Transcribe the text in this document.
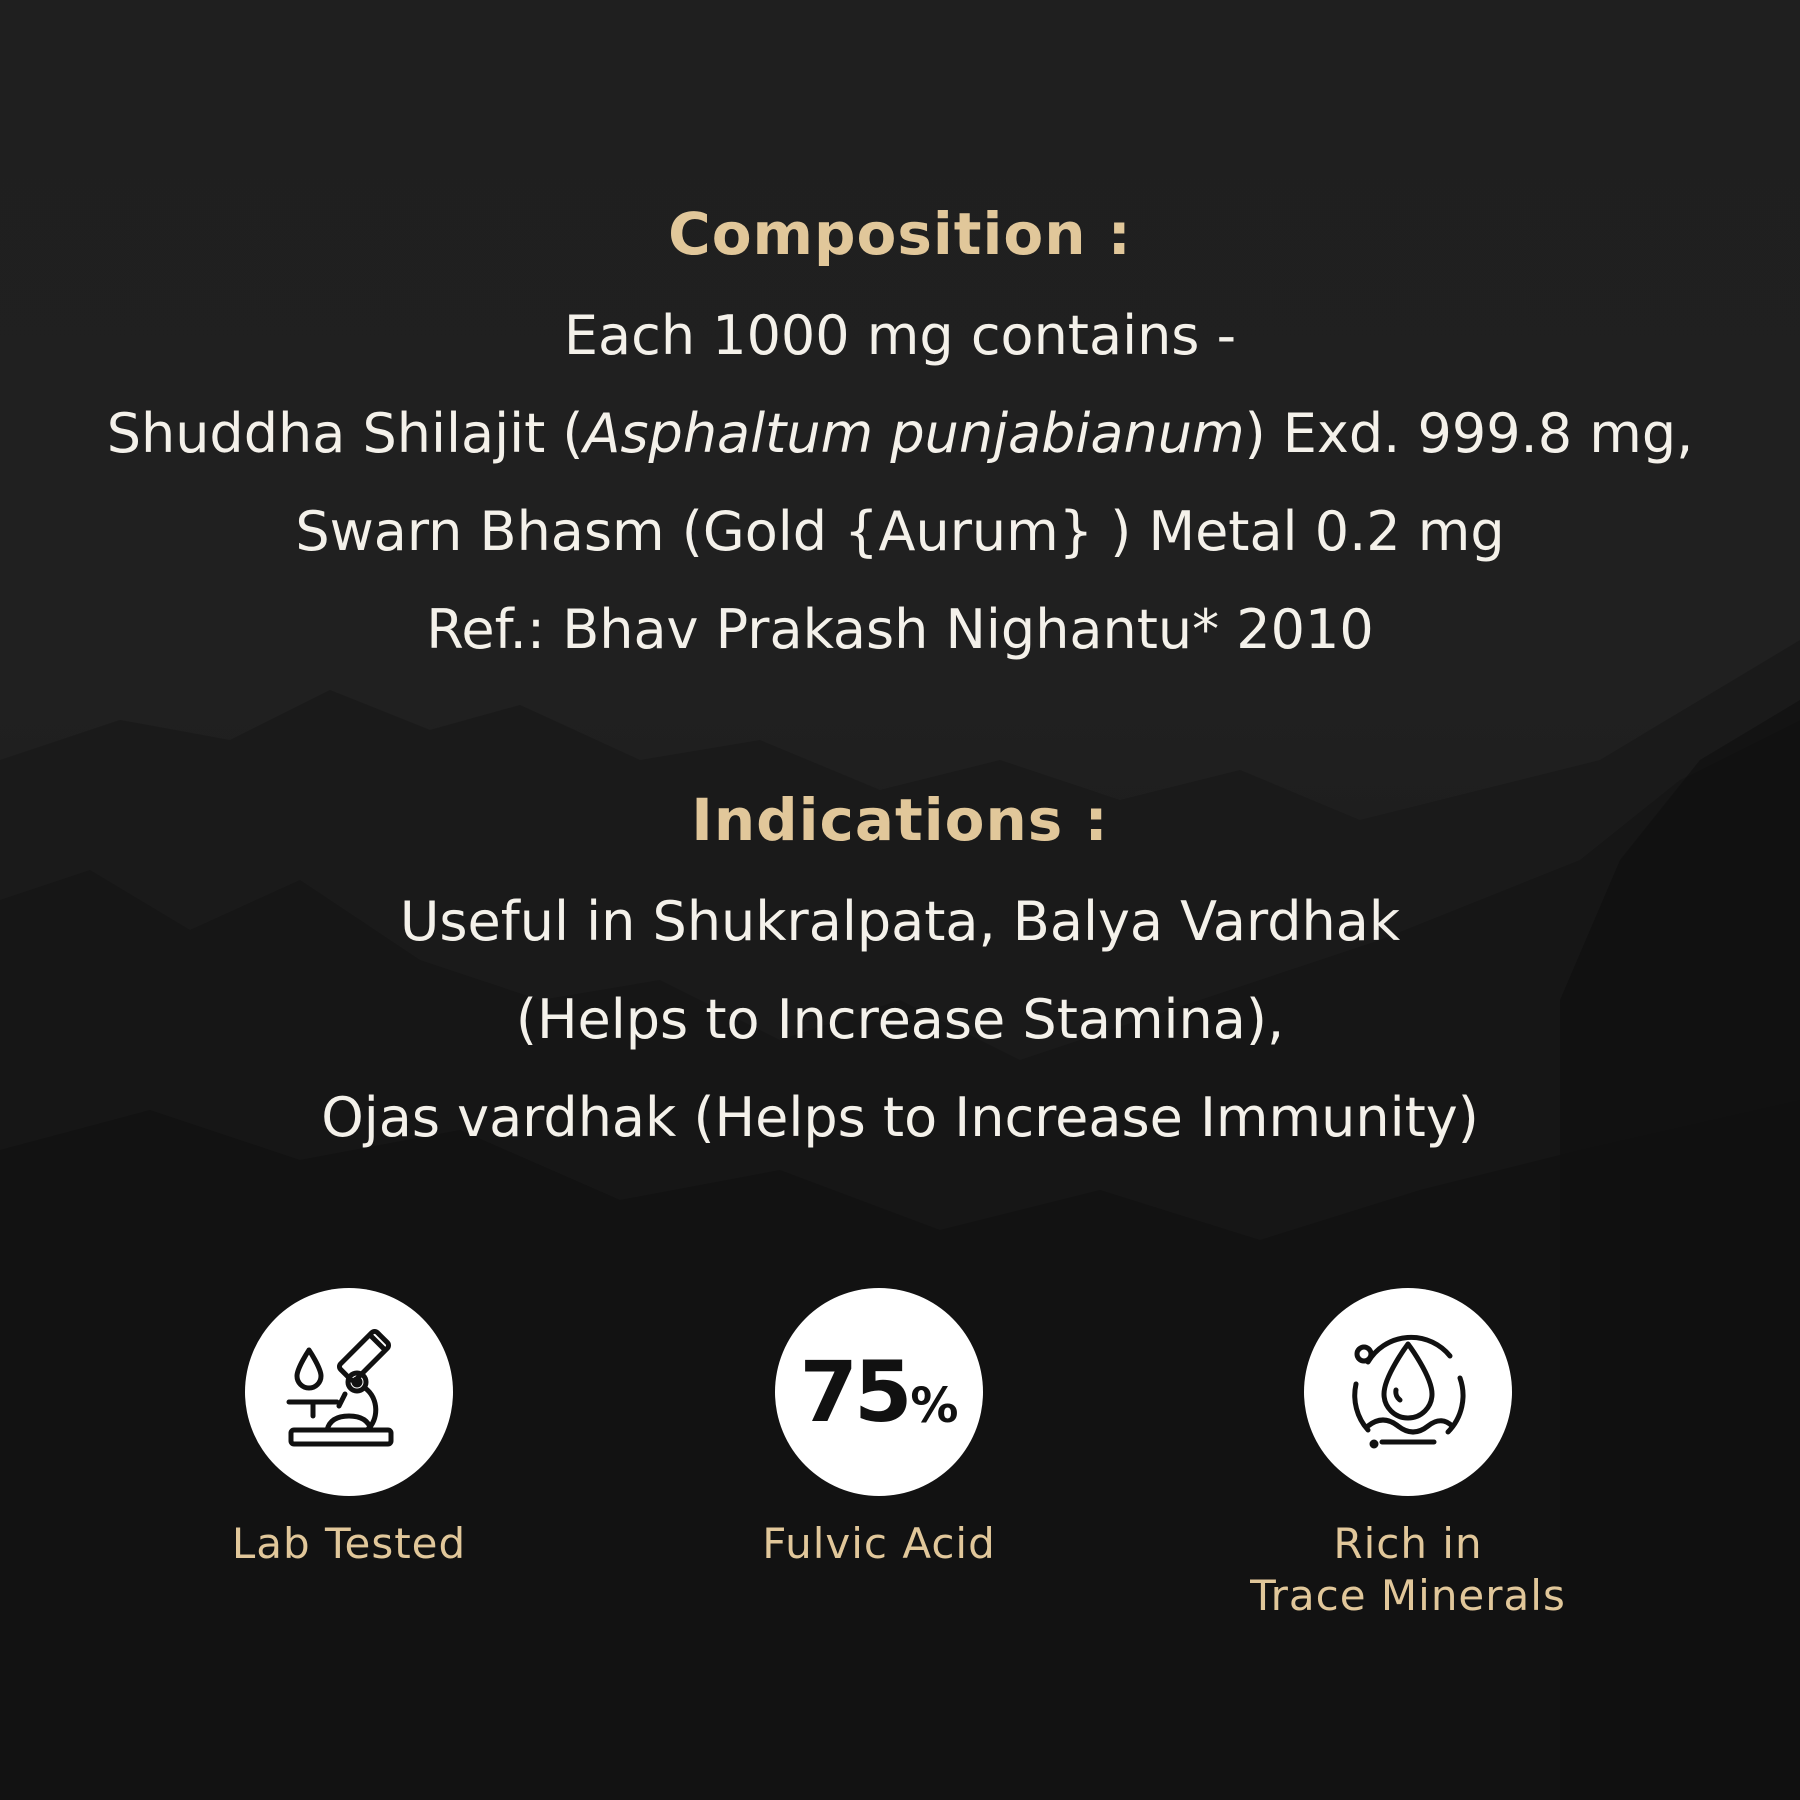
Composition :
Each 1000 mg contains -
Shuddha Shilajit (Asphaltum punjabianum) Exd. 999.8 mg,
Swarn Bhasm (Gold {Aurum} ) Metal 0.2 mg
Ref.: Bhav Prakash Nighantu* 2010
Indications :
Useful in Shukralpata, Balya Vardhak
(Helps to Increase Stamina),
Ojas vardhak (Helps to Increase Immunity)
Lab Tested
75 %
Fulvic Acid	Rich in
Trace Minerals
